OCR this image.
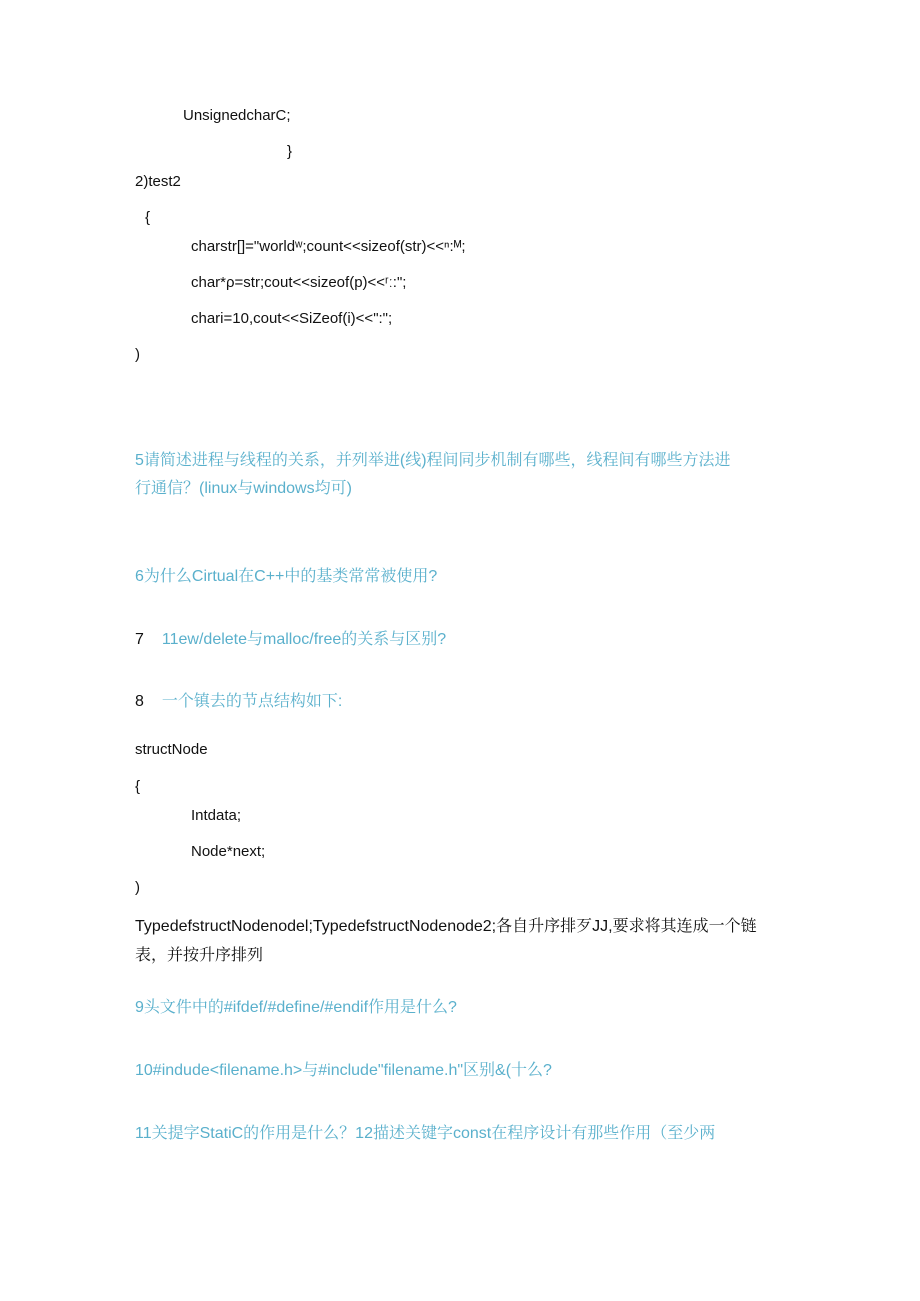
UnsignedcharC;
}
2)test2
{
charstr[]="worldʷ;count<<sizeof(str)<<ⁿ:ᴹ;
char*ρ=str;cout<<sizeof(p)<<ʳː:";
chari=10,cout<<SiZeof(i)<<":";
)
5请简述进程与线程的关系，并列举进(线)程间同步机制有哪些，线程间有哪些方法进
行通信？(linux与windows均可)
6为什么Cirtual在C++中的基类常常被使用?
7 11ew/delete与malloc/free的关系与区别?
8 一个镇去的节点结构如下:
structNode
{
Intdata;
Node*next;
)
TypedefstructNodenodel;TypedefstructNodenode2;各自升序排歹JJ,要求将其连成一个链
表，并按升序排列
9头文件中的#ifdef/#define/#endif作用是什么?
10#indude<filename.h>与#include"filename.h"区别&(十么?
11关提字StatiC的作用是什么？12描述关键字const在程序设计有那些作用（至少两
